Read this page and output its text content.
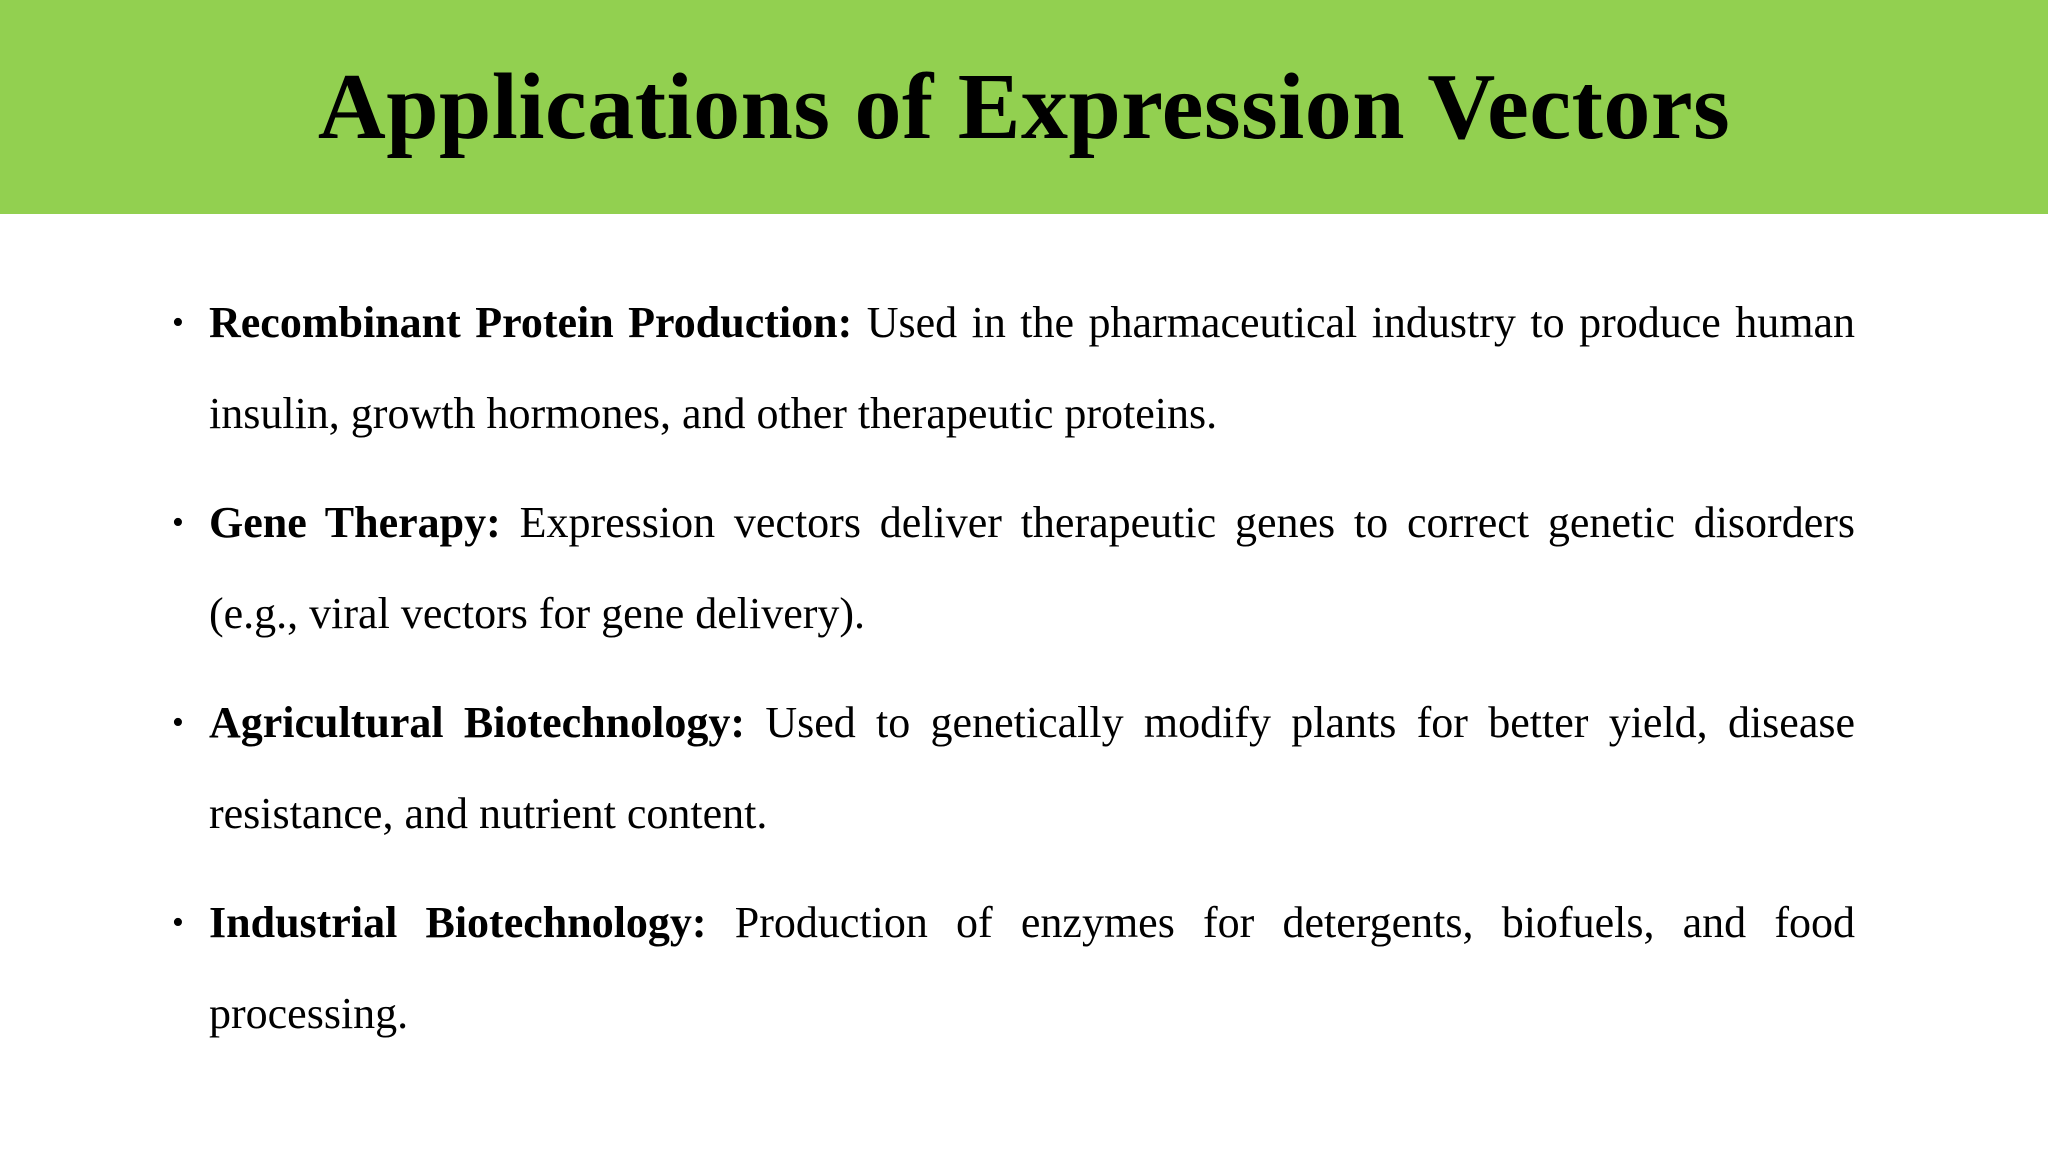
Applications of Expression Vectors
• Recombinant Protein Production: Used in the pharmaceutical industry to produce human insulin, growth hormones, and other therapeutic proteins.
• Gene Therapy: Expression vectors deliver therapeutic genes to correct genetic disorders (e.g., viral vectors for gene delivery).
• Agricultural Biotechnology: Used to genetically modify plants for better yield, disease resistance, and nutrient content.
• Industrial Biotechnology: Production of enzymes for detergents, biofuels, and food processing.
